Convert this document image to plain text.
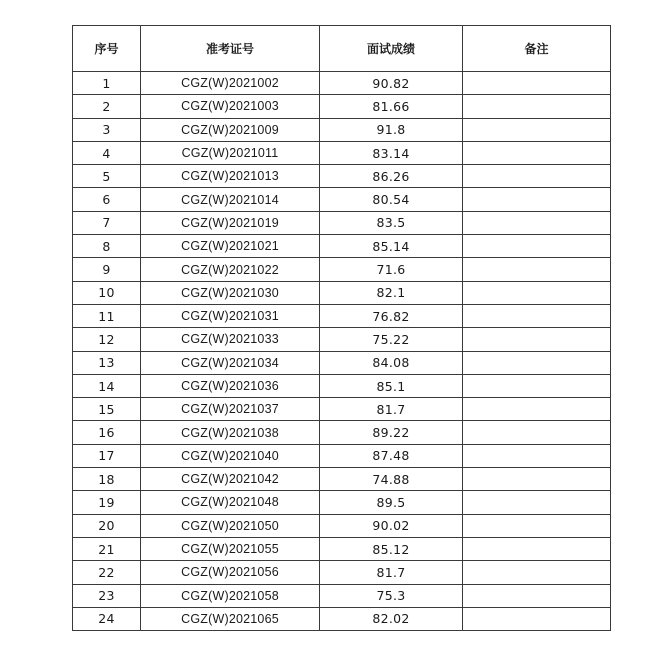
序号	准考证号	面试成绩	备注
1	CGZ(W)2021002	90.82	
2	CGZ(W)2021003	81.66	
3	CGZ(W)2021009	91.8	
4	CGZ(W)2021011	83.14	
5	CGZ(W)2021013	86.26	
6	CGZ(W)2021014	80.54	
7	CGZ(W)2021019	83.5	
8	CGZ(W)2021021	85.14	
9	CGZ(W)2021022	71.6	
10	CGZ(W)2021030	82.1	
11	CGZ(W)2021031	76.82	
12	CGZ(W)2021033	75.22	
13	CGZ(W)2021034	84.08	
14	CGZ(W)2021036	85.1	
15	CGZ(W)2021037	81.7	
16	CGZ(W)2021038	89.22	
17	CGZ(W)2021040	87.48	
18	CGZ(W)2021042	74.88	
19	CGZ(W)2021048	89.5	
20	CGZ(W)2021050	90.02	
21	CGZ(W)2021055	85.12	
22	CGZ(W)2021056	81.7	
23	CGZ(W)2021058	75.3	
24	CGZ(W)2021065	82.02	
